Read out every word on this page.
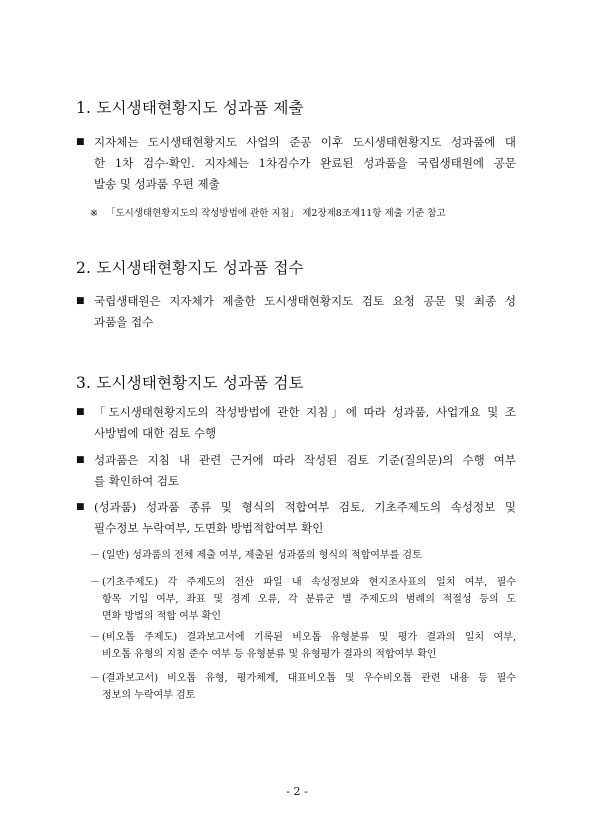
1. 도시생태현황지도 성과품 제출
■ 지자체는 도시생태현황지도 사업의 준공 이후 도시생태현황지도 성과품에 대
한 1차 검수·확인. 지자체는 1차검수가 완료된 성과품을 국립생태원에 공문
발송 및 성과품 우편 제출
※ 「도시생태현황지도의 작성방법에 관한 지침」 제2장제8조제11항 제출 기준 참고
2. 도시생태현황지도 성과품 접수
■ 국립생태원은 지자체가 제출한 도시생태현황지도 검토 요청 공문 및 최종 성
과품을 접수
3. 도시생태현황지도 성과품 검토
■ 「도시생태현황지도의 작성방법에 관한 지침」에 따라 성과품, 사업개요 및 조
사방법에 대한 검토 수행
■ 성과품은 지침 내 관련 근거에 따라 작성된 검토 기준(질의문)의 수행 여부
를 확인하여 검토
■ (성과품) 성과품 종류 및 형식의 적합여부 검토, 기초주제도의 속성정보 및
필수정보 누락여부, 도면화 방법적합여부 확인
－ (일반) 성과품의 전체 제출 여부, 제출된 성과품의 형식의 적합여부를 검토
－ (기초주제도) 각 주제도의 전산 파일 내 속성정보와 현지조사표의 일치 여부, 필수
항목 기입 여부, 좌표 및 경계 오류, 각 분류군 별 주제도의 범례의 적절성 등의 도
면화 방법의 적합 여부 확인
－ (비오톱 주제도) 결과보고서에 기록된 비오톱 유형분류 및 평가 결과의 일치 여부,
비오톱 유형의 지침 준수 여부 등 유형분류 및 유형평가 결과의 적합여부 확인
－ (결과보고서) 비오톱 유형, 평가체계, 대표비오톱 및 우수비오톱 관련 내용 등 필수
정보의 누락여부 검토
- 2 -
